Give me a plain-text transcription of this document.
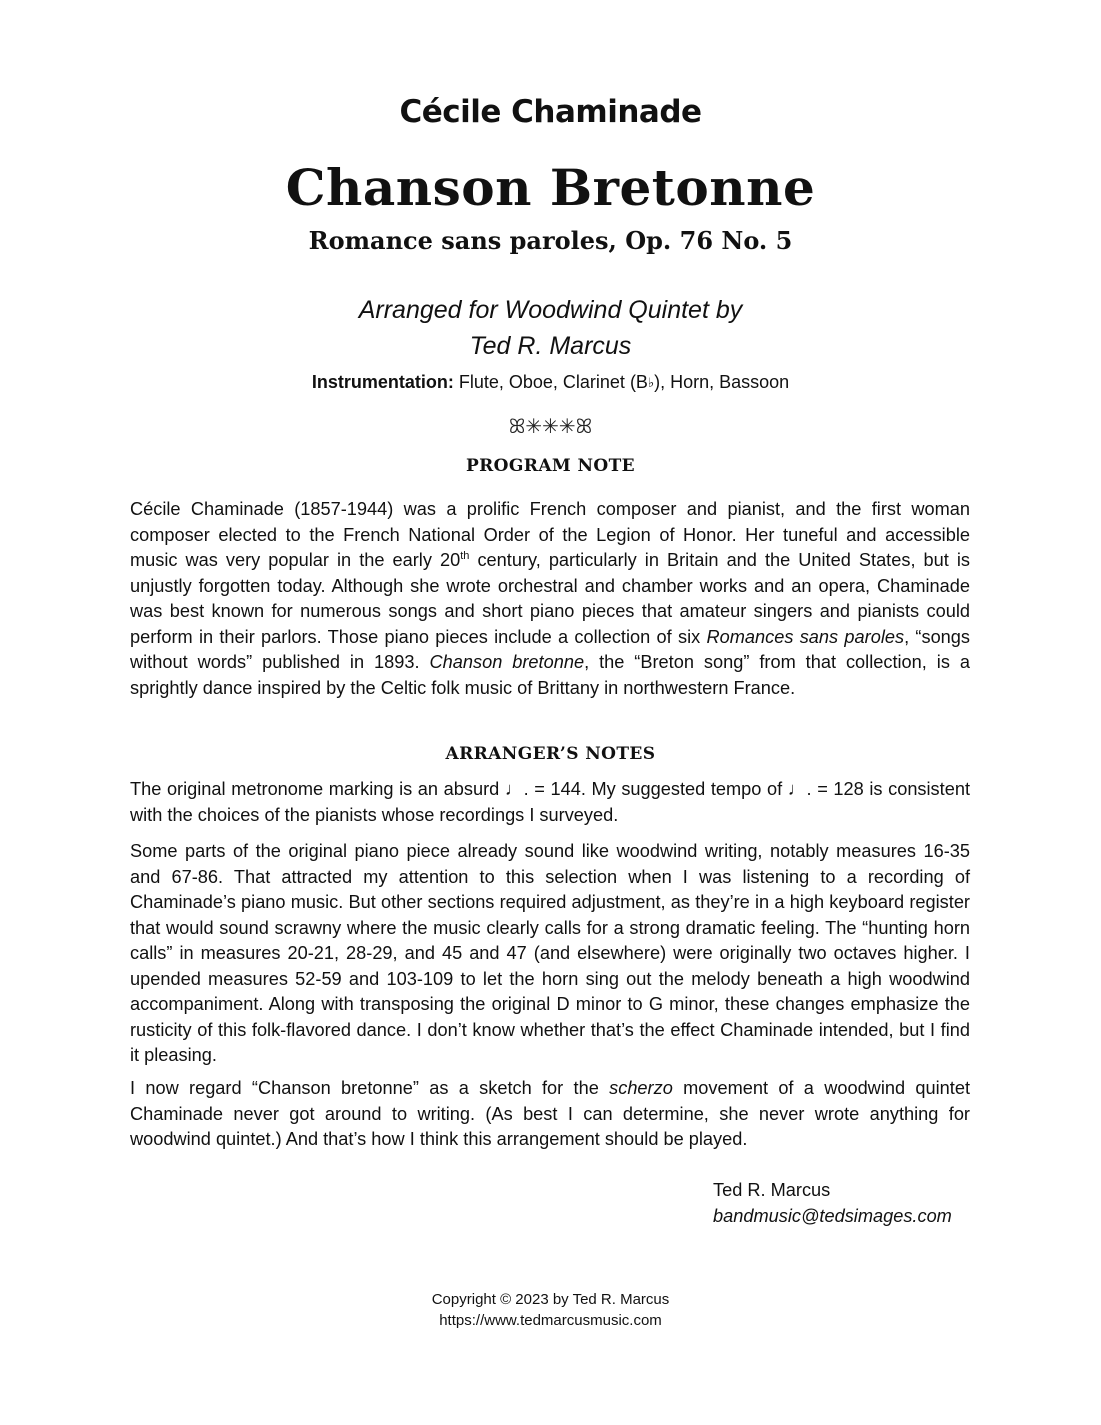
Cécile Chaminade
Chanson Bretonne
Romance sans paroles, Op. 76 No. 5
Arranged for Woodwind Quintet by
Ted R. Marcus
Instrumentation: Flute, Oboe, Clarinet (B♭), Horn, Bassoon
ꕤ✳✳✳ꕤ
PROGRAM NOTE

Cécile Chaminade (1857-1944) was a prolific French composer and pianist, and the first woman composer elected to the French National Order of the Legion of Honor. Her tuneful and accessible music was very popular in the early 20th century, particularly in Britain and the United States, but is unjustly forgotten today. Although she wrote orchestral and chamber works and an opera, Chaminade was best known for numerous songs and short piano pieces that amateur singers and pianists could perform in their parlors. Those piano pieces include a collection of six Romances sans paroles, “songs without words” published in 1893. Chanson bretonne, the “Breton song” from that collection, is a sprightly dance inspired by the Celtic folk music of Brittany in northwestern France.

ARRANGER’S NOTES

The original metronome marking is an absurd ♩. = 144. My suggested tempo of ♩. = 128 is consistent with the choices of the pianists whose recordings I surveyed.

Some parts of the original piano piece already sound like woodwind writing, notably measures 16-35 and 67-86. That attracted my attention to this selection when I was listening to a recording of Chaminade’s piano music. But other sections required adjustment, as they’re in a high keyboard register that would sound scrawny where the music clearly calls for a strong dramatic feeling. The “hunting horn calls” in measures 20-21, 28-29, and 45 and 47 (and elsewhere) were originally two octaves higher. I upended measures 52-59 and 103-109 to let the horn sing out the melody beneath a high woodwind accompaniment. Along with transposing the original D minor to G minor, these changes emphasize the rusticity of this folk-flavored dance. I don’t know whether that’s the effect Chaminade intended, but I find it pleasing.

I now regard “Chanson bretonne” as a sketch for the scherzo movement of a woodwind quintet Chaminade never got around to writing. (As best I can determine, she never wrote anything for woodwind quintet.) And that’s how I think this arrangement should be played.

Ted R. Marcus
bandmusic@tedsimages.com
Copyright © 2023 by Ted R. Marcus
https://www.tedmarcusmusic.com
